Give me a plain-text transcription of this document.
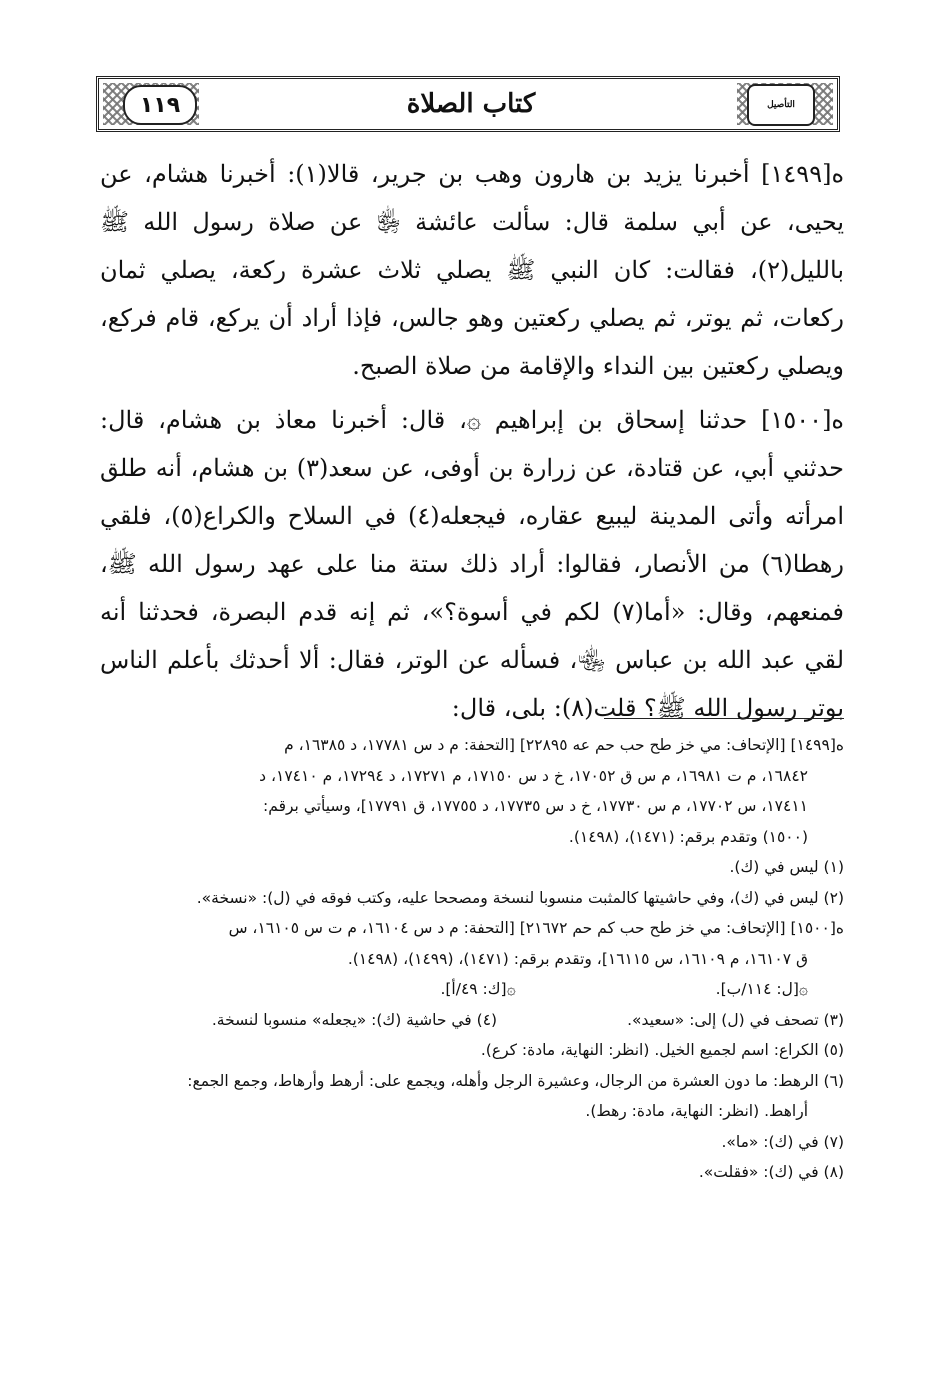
١١٩	كتاب الصلاة	التأصيل

ه[١٤٩٩] أخبرنا يزيد بن هارون وهب بن جرير، قالا(١): أخبرنا هشام، عن يحيى، عن أبي سلمة قال: سألت عائشة ﵂ عن صلاة رسول الله ﷺ بالليل(٢)، فقالت: كان النبي ﷺ يصلي ثلاث عشرة ركعة، يصلي ثمان ركعات، ثم يوتر، ثم يصلي ركعتين وهو جالس، فإذا أراد أن يركع، قام فركع، ويصلي ركعتين بين النداء والإقامة من صلاة الصبح.

ه[١٥٠٠] حدثنا إسحاق بن إبراهيم ۞، قال: أخبرنا معاذ بن هشام، قال: حدثني أبي، عن قتادة، عن زرارة بن أوفى، عن سعد(٣) بن هشام، أنه طلق امرأته وأتى المدينة ليبيع عقاره، فيجعله(٤) في السلاح والكراع(٥)، فلقي رهطا(٦) من الأنصار، فقالوا: أراد ذلك ستة منا على عهد رسول الله ﷺ، فمنعهم، وقال: «أما(٧) لكم في أسوة؟»، ثم إنه قدم البصرة، فحدثنا أنه لقي عبد الله بن عباس ﵄، فسأله عن الوتر، فقال: ألا أحدثك بأعلم الناس بوتر رسول الله ﷺ؟ قلت(٨): بلى، قال:

ه[١٤٩٩] [الإتحاف: مي خز طح حب حم عه ٢٢٨٩٥] [التحفة: م د س ١٧٧٨١، د ١٦٣٨٥، م

١٦٨٤٢، م ت ١٦٩٨١، م س ق ١٧٠٥٢، خ د س ١٧١٥٠، م ١٧٢٧١، د ١٧٢٩٤، م ١٧٤١٠، د

١٧٤١١، س ١٧٧٠٢، م س ١٧٧٣٠، خ د س ١٧٧٣٥، د ١٧٧٥٥، ق ١٧٧٩١]، وسيأتي برقم:

(١٥٠٠) وتقدم برقم: (١٤٧١)، (١٤٩٨).

(١) ليس في (ك).

(٢) ليس في (ك)، وفي حاشيتها كالمثبت منسوبا لنسخة ومصححا عليه، وكتب فوقه في (ل): «نسخة».

ه[١٥٠٠] [الإتحاف: مي خز طح حب كم حم ٢١٦٧٢] [التحفة: م د س ١٦١٠٤، م ت س ١٦١٠٥، س

ق ١٦١٠٧، م ١٦١٠٩، س ١٦١١٥]، وتقدم برقم: (١٤٧١)، (١٤٩٩)، (١٤٩٨).

۞[ل: ١١٤/ب].
۞[ك: ٤٩/أ].
(٣) تصحف في (ل) إلى: «سعيد».
(٤) في حاشية (ك): «يجعله» منسوبا لنسخة.

(٥) الكراع: اسم لجميع الخيل. (انظر: النهاية، مادة: كرع).

(٦) الرهط: ما دون العشرة من الرجال، وعشيرة الرجل وأهله، ويجمع على: أرهط وأرهاط، وجمع الجمع:

أراهط. (انظر: النهاية، مادة: رهط).

(٧) في (ك): «ما».

(٨) في (ك): «فقلت».
